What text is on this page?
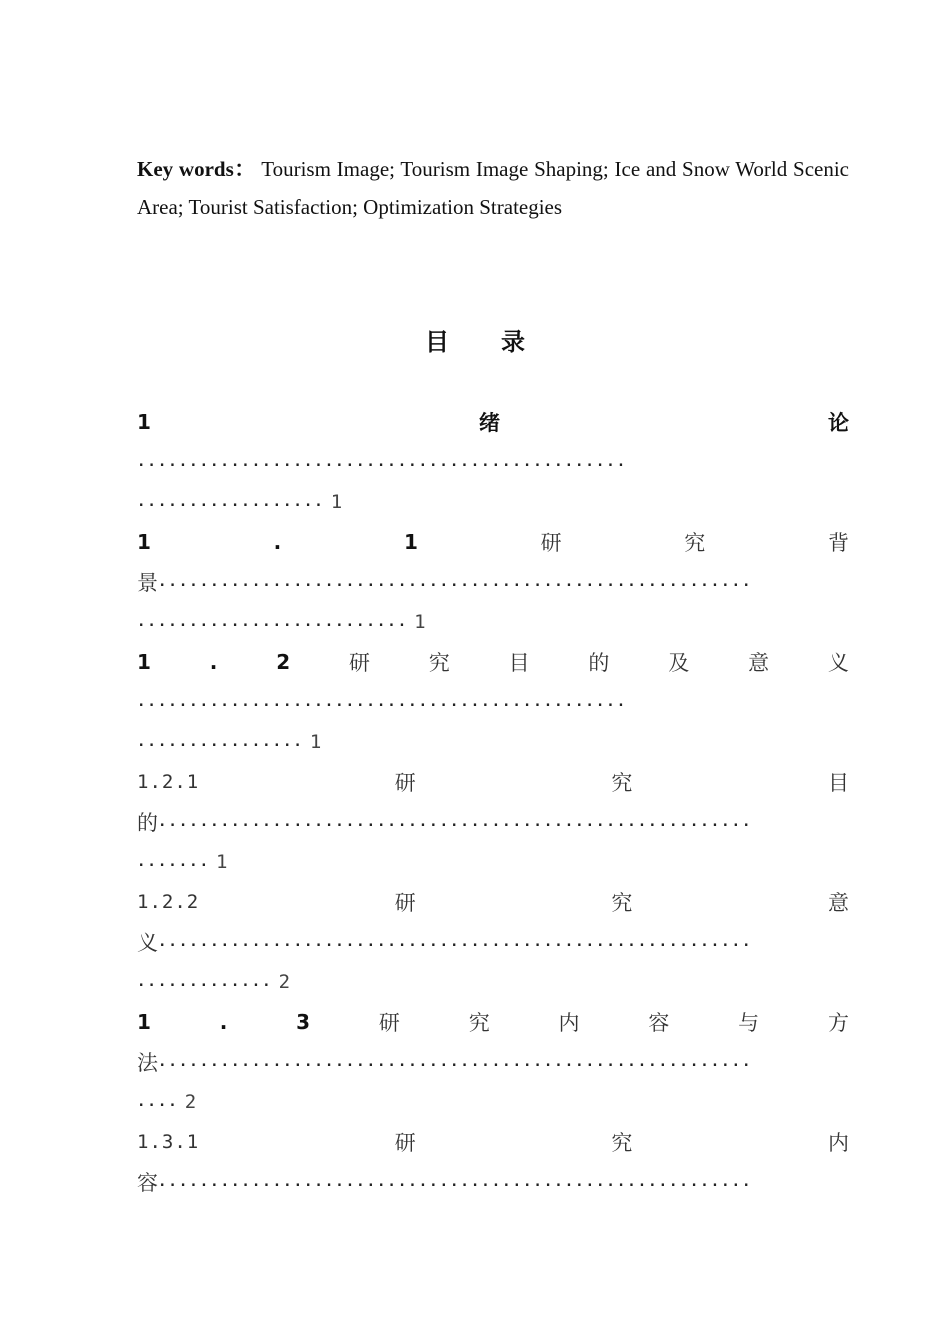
Key words： Tourism Image; Tourism Image Shaping; Ice and Snow World Scenic Area; Tourist Satisfaction; Optimization Strategies
目录
1	绪	论
...............................................
.................. 1
1	.	1	研	究	背
景 .........................................................
.......................... 1
1	.	2	研	究	目	的	及	意	义
...............................................
................ 1
1.2.1	研	究	目
的 .........................................................
....... 1
1.2.2	研	究	意
义 .........................................................
............. 2
1	.	3	研	究	内	容	与	方
法 .........................................................
.... 2
1.3.1	研	究	内
容 .........................................................
